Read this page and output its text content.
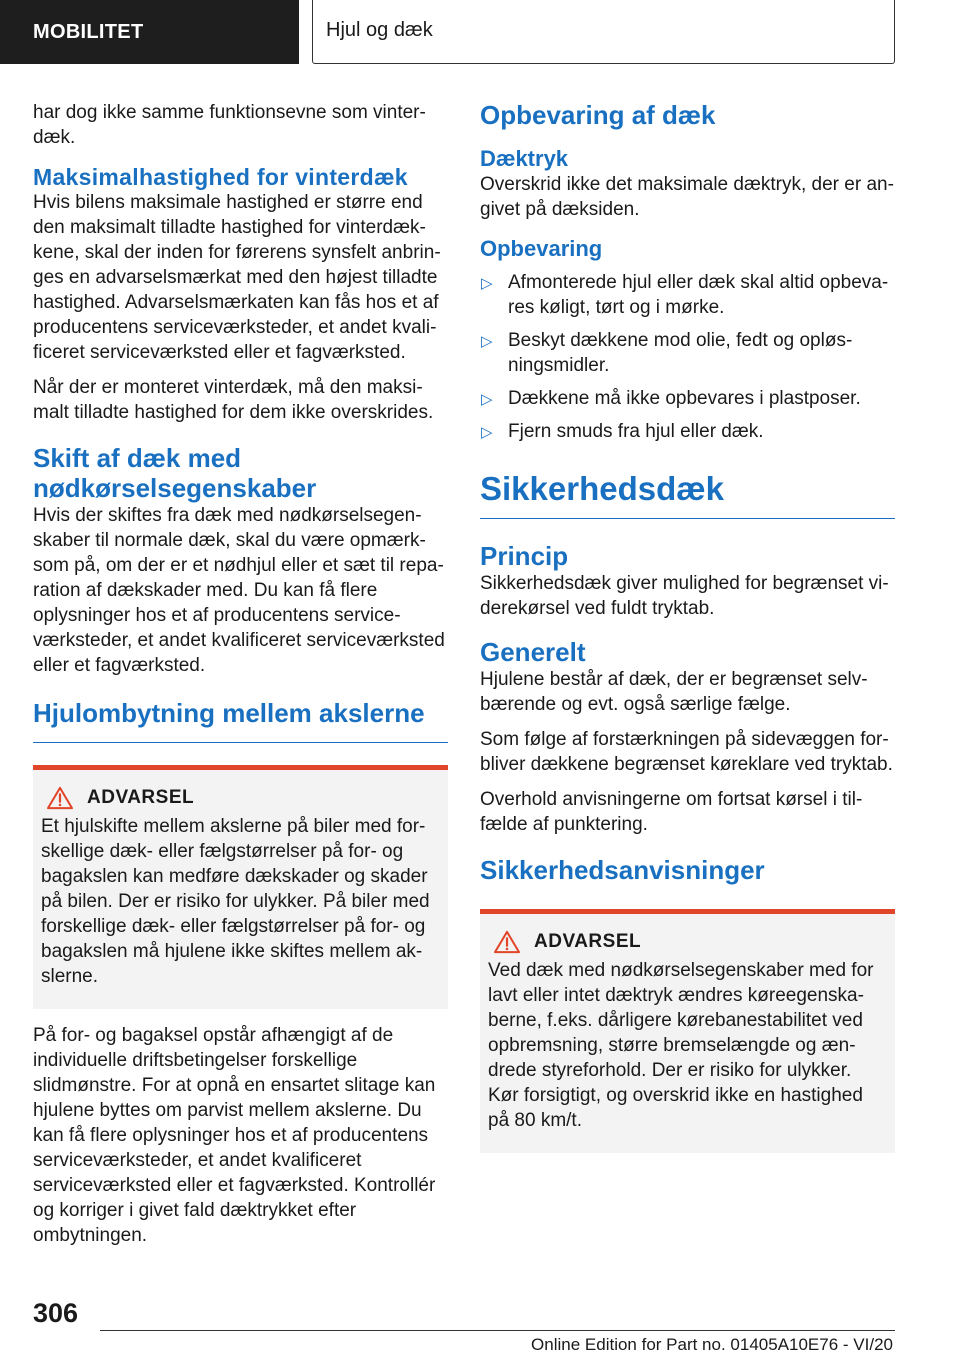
MOBILITET	Hjul og dæk

har dog ikke samme funktionsevne som vinterdæk.

Maksimalhastighed for vinterdæk

Hvis bilens maksimale hastighed er større end den maksimalt tilladte hastighed for vinterdækkene, skal der inden for førerens synsfelt anbringes en advarselsmærkat med den højest tilladte hastighed. Advarselsmærkaten kan fås hos et af producentens serviceværksteder, et andet kvalificeret serviceværksted eller et fagværksted.

Når der er monteret vinterdæk, må den maksimalt tilladte hastighed for dem ikke overskrides.

Skift af dæk med nødkørselsegenskaber

Hvis der skiftes fra dæk med nødkørselsegenskaber til normale dæk, skal du være opmærksom på, om der er et nødhjul eller et sæt til reparation af dækskader med. Du kan få flere oplysninger hos et af producentens serviceværksteder, et andet kvalificeret serviceværksted eller et fagværksted.

Hjulombytning mellem akslerne
ADVARSEL

Et hjulskifte mellem akslerne på biler med forskellige dæk- eller fælgstørrelser på for- og bagakslen kan medføre dækskader og skader på bilen. Der er risiko for ulykker. På biler med forskellige dæk- eller fælgstørrelser på for- og bagakslen må hjulene ikke skiftes mellem akslerne.

På for- og bagaksel opstår afhængigt af de individuelle driftsbetingelser forskellige slidmønstre. For at opnå en ensartet slitage kan hjulene byttes om parvist mellem akslerne. Du kan få flere oplysninger hos et af producentens serviceværksteder, et andet kvalificeret serviceværksted eller et fagværksted. Kontrollér og korriger i givet fald dæktrykket efter ombytningen.

Opbevaring af dæk
Dæktryk

Overskrid ikke det maksimale dæktryk, der er angivet på dæksiden.

Opbevaring
▷ Afmonterede hjul eller dæk skal altid opbevares køligt, tørt og i mørke.
▷ Beskyt dækkene mod olie, fedt og opløsningsmidler.
▷ Dækkene må ikke opbevares i plastposer.
▷ Fjern smuds fra hjul eller dæk.
Sikkerhedsdæk
Princip

Sikkerhedsdæk giver mulighed for begrænset viderekørsel ved fuldt tryktab.

Generelt

Hjulene består af dæk, der er begrænset selvbærende og evt. også særlige fælge.

Som følge af forstærkningen på sidevæggen forbliver dækkene begrænset køreklare ved tryktab.

Overhold anvisningerne om fortsat kørsel i tilfælde af punktering.

Sikkerhedsanvisninger
ADVARSEL

Ved dæk med nødkørselsegenskaber med for lavt eller intet dæktryk ændres køreegenskaberne, f.eks. dårligere kørebanestabilitet ved opbremsning, større bremselængde og ændrede styreforhold. Der er risiko for ulykker. Kør forsigtigt, og overskrid ikke en hastighed på 80 km/t.

306
Online Edition for Part no. 01405A10E76 - VI/20
